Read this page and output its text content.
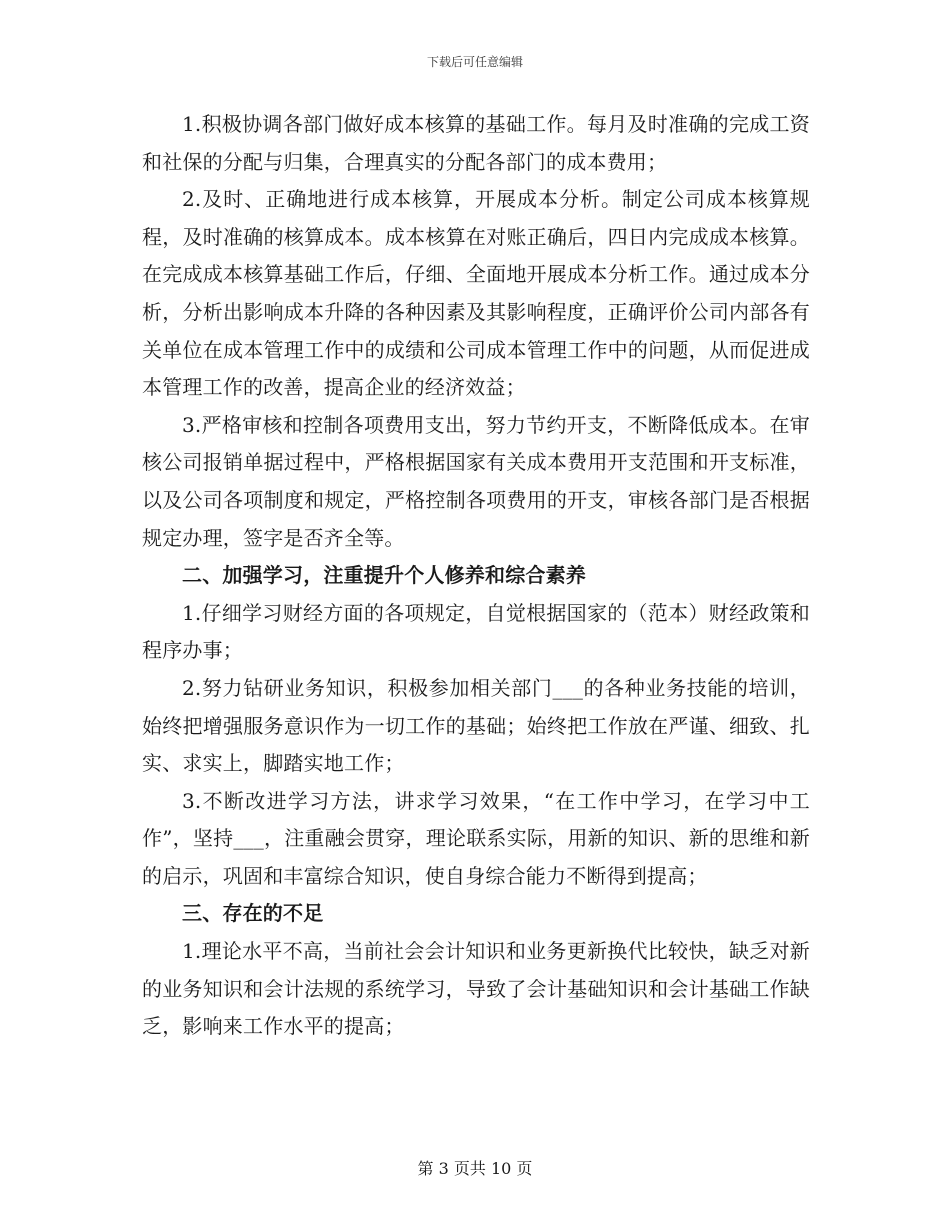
下载后可任意编辑

1.积极协调各部门做好成本核算的基础工作。每月及时准确的完成工资和社保的分配与归集，合理真实的分配各部门的成本费用；

2.及时、正确地进行成本核算，开展成本分析。制定公司成本核算规程，及时准确的核算成本。成本核算在对账正确后，四日内完成成本核算。在完成成本核算基础工作后，仔细、全面地开展成本分析工作。通过成本分析，分析出影响成本升降的各种因素及其影响程度，正确评价公司内部各有关单位在成本管理工作中的成绩和公司成本管理工作中的问题，从而促进成本管理工作的改善，提高企业的经济效益；

3.严格审核和控制各项费用支出，努力节约开支，不断降低成本。在审核公司报销单据过程中，严格根据国家有关成本费用开支范围和开支标准，以及公司各项制度和规定，严格控制各项费用的开支，审核各部门是否根据规定办理，签字是否齐全等。

二、加强学习，注重提升个人修养和综合素养

1.仔细学习财经方面的各项规定，自觉根据国家的（范本）财经政策和程序办事；

2.努力钻研业务知识，积极参加相关部门___的各种业务技能的培训，始终把增强服务意识作为一切工作的基础；始终把工作放在严谨、细致、扎实、求实上，脚踏实地工作；

3.不断改进学习方法，讲求学习效果，“在工作中学习，在学习中工作”，坚持___，注重融会贯穿，理论联系实际，用新的知识、新的思维和新的启示，巩固和丰富综合知识，使自身综合能力不断得到提高；

三、存在的不足

1.理论水平不高，当前社会会计知识和业务更新换代比较快，缺乏对新的业务知识和会计法规的系统学习，导致了会计基础知识和会计基础工作缺乏，影响来工作水平的提高；

第 3 页共 10 页
